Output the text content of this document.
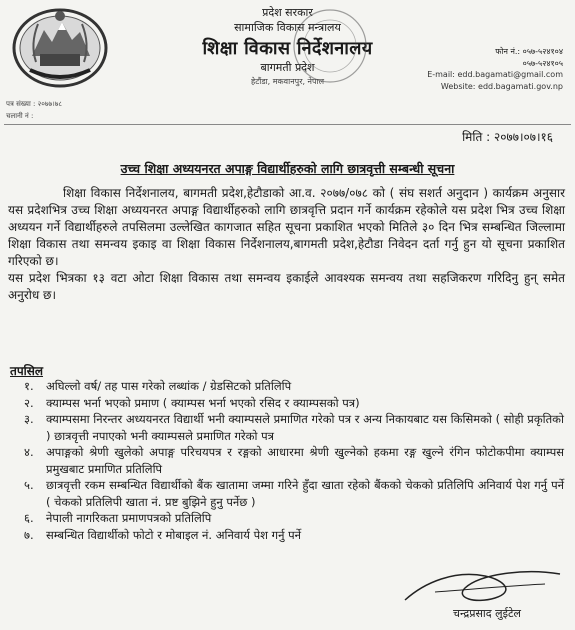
प्रदेश सरकार
सामाजिक विकास मन्त्रालय
शिक्षा विकास निर्देशनालय
बागमती प्रदेश
हेटौंडा, मकवानपुर, नेपाल
फोन नं.: ०५७-५२४१०४
०५७-५२४१०५
E-mail: edd.bagamati@gmail.com
Website: edd.bagamati.gov.np
पत्र संख्या : २०७७।७८
चलानी नं :
मिति : २०७७।०७।१६
उच्च शिक्षा अध्ययनरत अपाङ्ग विद्यार्थीहरुको लागि छात्रवृत्ती सम्बन्धी सूचना

शिक्षा विकास निर्देशनालय, बागमती प्रदेश,हेटौडाको आ.व. २०७७/०७८ को ( संघ सशर्त अनुदान ) कार्यक्रम अनुसार यस प्रदेशभित्र उच्च शिक्षा अध्ययनरत अपाङ्ग विद्यार्थीहरुको लागि छात्रवृत्ति प्रदान गर्ने कार्यक्रम रहेकोले यस प्रदेश भित्र उच्च शिक्षा अध्ययन गर्ने विद्यार्थीहरुले तपसिलमा उल्लेखित कागजात सहित सूचना प्रकाशित भएको मितिले ३० दिन भित्र सम्बन्धित जिल्लामा शिक्षा विकास तथा समन्वय इकाइ वा शिक्षा विकास निर्देशनालय,बागमती प्रदेश,हेटौडा निवेदन दर्ता गर्नु हुन यो सूचना प्रकाशित गरिएको छ।

यस प्रदेश भित्रका १३ वटा ओटा शिक्षा विकास तथा समन्वय इकाईले आवश्यक समन्वय तथा सहजिकरण गरिदिनु हुन् समेत अनुरोध छ।

तपसिल
१.	अघिल्लो वर्ष/ तह पास गरेको लब्धांक / ग्रेडसिटको प्रतिलिपि
२.	क्याम्पस भर्ना भएको प्रमाण ( क्याम्पस भर्ना भएको रसिद र क्याम्पसको पत्र)
३.	क्याम्पसमा निरन्तर अध्ययनरत विद्यार्थी भनी क्याम्पसले प्रमाणित गरेको पत्र र अन्य निकायबाट यस किसिमको ( सोही प्रकृतिको ) छात्रवृत्ती नपाएको भनी क्याम्पसले प्रमाणित गरेको पत्र
४.	अपाङ्गको श्रेणी खुलेको अपाङ्ग परिचयपत्र र रङ्गको आधारमा श्रेणी खुल्नेको हकमा रङ्ग खुल्ने रंगिन फोटोकपीमा क्याम्पस प्रमुखबाट प्रमाणित प्रतिलिपि
५.	छात्रवृत्ती रकम सम्बन्धित विद्यार्थीको बैंक खातामा जम्मा गरिने हुँदा खाता रहेको बैंकको चेकको प्रतिलिपि अनिवार्य पेश गर्नु पर्ने ( चेकको प्रतिलिपी खाता नं. प्रष्ट बुझिने हुनु पर्नेछ )
६.	नेपाली नागरिकता प्रमाणपत्रको प्रतिलिपि
७.	सम्बन्धित विद्यार्थीको फोटो र मोबाइल नं. अनिवार्य पेश गर्नु पर्ने
चन्द्रप्रसाद लुईटेल
